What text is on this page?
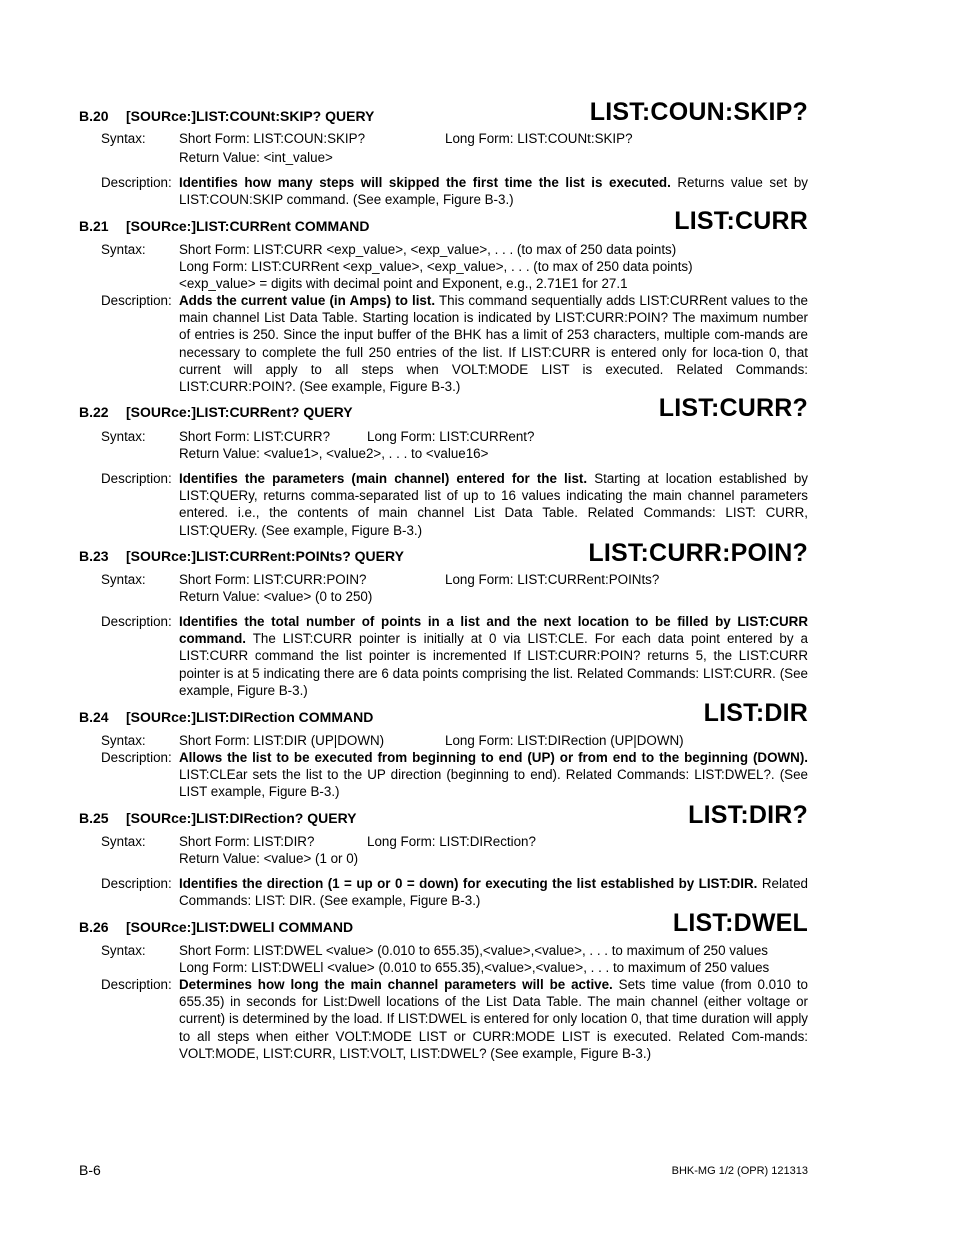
B.20 [SOURce:]LIST:COUNt:SKIP? QUERY	LIST:COUN:SKIP?
Syntax: Short Form: LIST:COUN:SKIP?	Long Form: LIST:COUNt:SKIP?
Return Value: <int_value>
Description: Identifies how many steps will skipped the first time the list is executed. Returns value set by LIST:COUN:SKIP command. (See example, Figure B-3.)
B.21 [SOURce:]LIST:CURRent COMMAND	LIST:CURR
Syntax: Short Form: LIST:CURR <exp_value>, <exp_value>, . . . (to max of 250 data points)
Long Form: LIST:CURRent <exp_value>, <exp_value>, . . . (to max of 250 data points)
<exp_value> = digits with decimal point and Exponent, e.g., 2.71E1 for 27.1
Description: Adds the current value (in Amps) to list. This command sequentially adds LIST:CURRent values to the main channel List Data Table. Starting location is indicated by LIST:CURR:POIN? The maximum number of entries is 250. Since the input buffer of the BHK has a limit of 253 characters, multiple com-mands are necessary to complete the full 250 entries of the list. If LIST:CURR is entered only for loca-tion 0, that current will apply to all steps when VOLT:MODE LIST is executed. Related Commands: LIST:CURR:POIN?. (See example, Figure B-3.)
B.22 [SOURce:]LIST:CURRent? QUERY	LIST:CURR?
Syntax: Short Form: LIST:CURR?	Long Form: LIST:CURRent?
Return Value: <value1>, <value2>, . . . to <value16>
Description: Identifies the parameters (main channel) entered for the list. Starting at location established by LIST:QUERy, returns comma-separated list of up to 16 values indicating the main channel parameters entered. i.e., the contents of main channel List Data Table. Related Commands: LIST: CURR, LIST:QUERy. (See example, Figure B-3.)
B.23 [SOURce:]LIST:CURRent:POINts? QUERY	LIST:CURR:POIN?
Syntax: Short Form: LIST:CURR:POIN?	Long Form: LIST:CURRent:POINts?
Return Value: <value> (0 to 250)
Description: Identifies the total number of points in a list and the next location to be filled by LIST:CURR command. The LIST:CURR pointer is initially at 0 via LIST:CLE. For each data point entered by a LIST:CURR command the list pointer is incremented If LIST:CURR:POIN? returns 5, the LIST:CURR pointer is at 5 indicating there are 6 data points comprising the list. Related Commands: LIST:CURR. (See example, Figure B-3.)
B.24 [SOURce:]LIST:DIRection COMMAND	LIST:DIR
Syntax: Short Form: LIST:DIR (UP|DOWN)	Long Form: LIST:DIRection (UP|DOWN)
Description: Allows the list to be executed from beginning to end (UP) or from end to the beginning (DOWN). LIST:CLEar sets the list to the UP direction (beginning to end). Related Commands: LIST:DWEL?. (See LIST example, Figure B-3.)
B.25 [SOURce:]LIST:DIRection? QUERY	LIST:DIR?
Syntax: Short Form: LIST:DIR?	Long Form: LIST:DIRection?
Return Value: <value> (1 or 0)
Description: Identifies the direction (1 = up or 0 = down) for executing the list established by LIST:DIR. Related Commands: LIST: DIR. (See example, Figure B-3.)
B.26 [SOURce:]LIST:DWELl COMMAND	LIST:DWEL
Syntax: Short Form: LIST:DWEL <value> (0.010 to 655.35),<value>,<value>, . . . to maximum of 250 values
Long Form: LIST:DWELl <value> (0.010 to 655.35),<value>,<value>, . . . to maximum of 250 values
Description: Determines how long the main channel parameters will be active. Sets time value (from 0.010 to 655.35) in seconds for List:Dwell locations of the List Data Table. The main channel (either voltage or current) is determined by the load. If LIST:DWEL is entered for only location 0, that time duration will apply to all steps when either VOLT:MODE LIST or CURR:MODE LIST is executed. Related Com-mands: VOLT:MODE, LIST:CURR, LIST:VOLT, LIST:DWEL? (See example, Figure B-3.)
B-6	BHK-MG 1/2 (OPR) 121313
